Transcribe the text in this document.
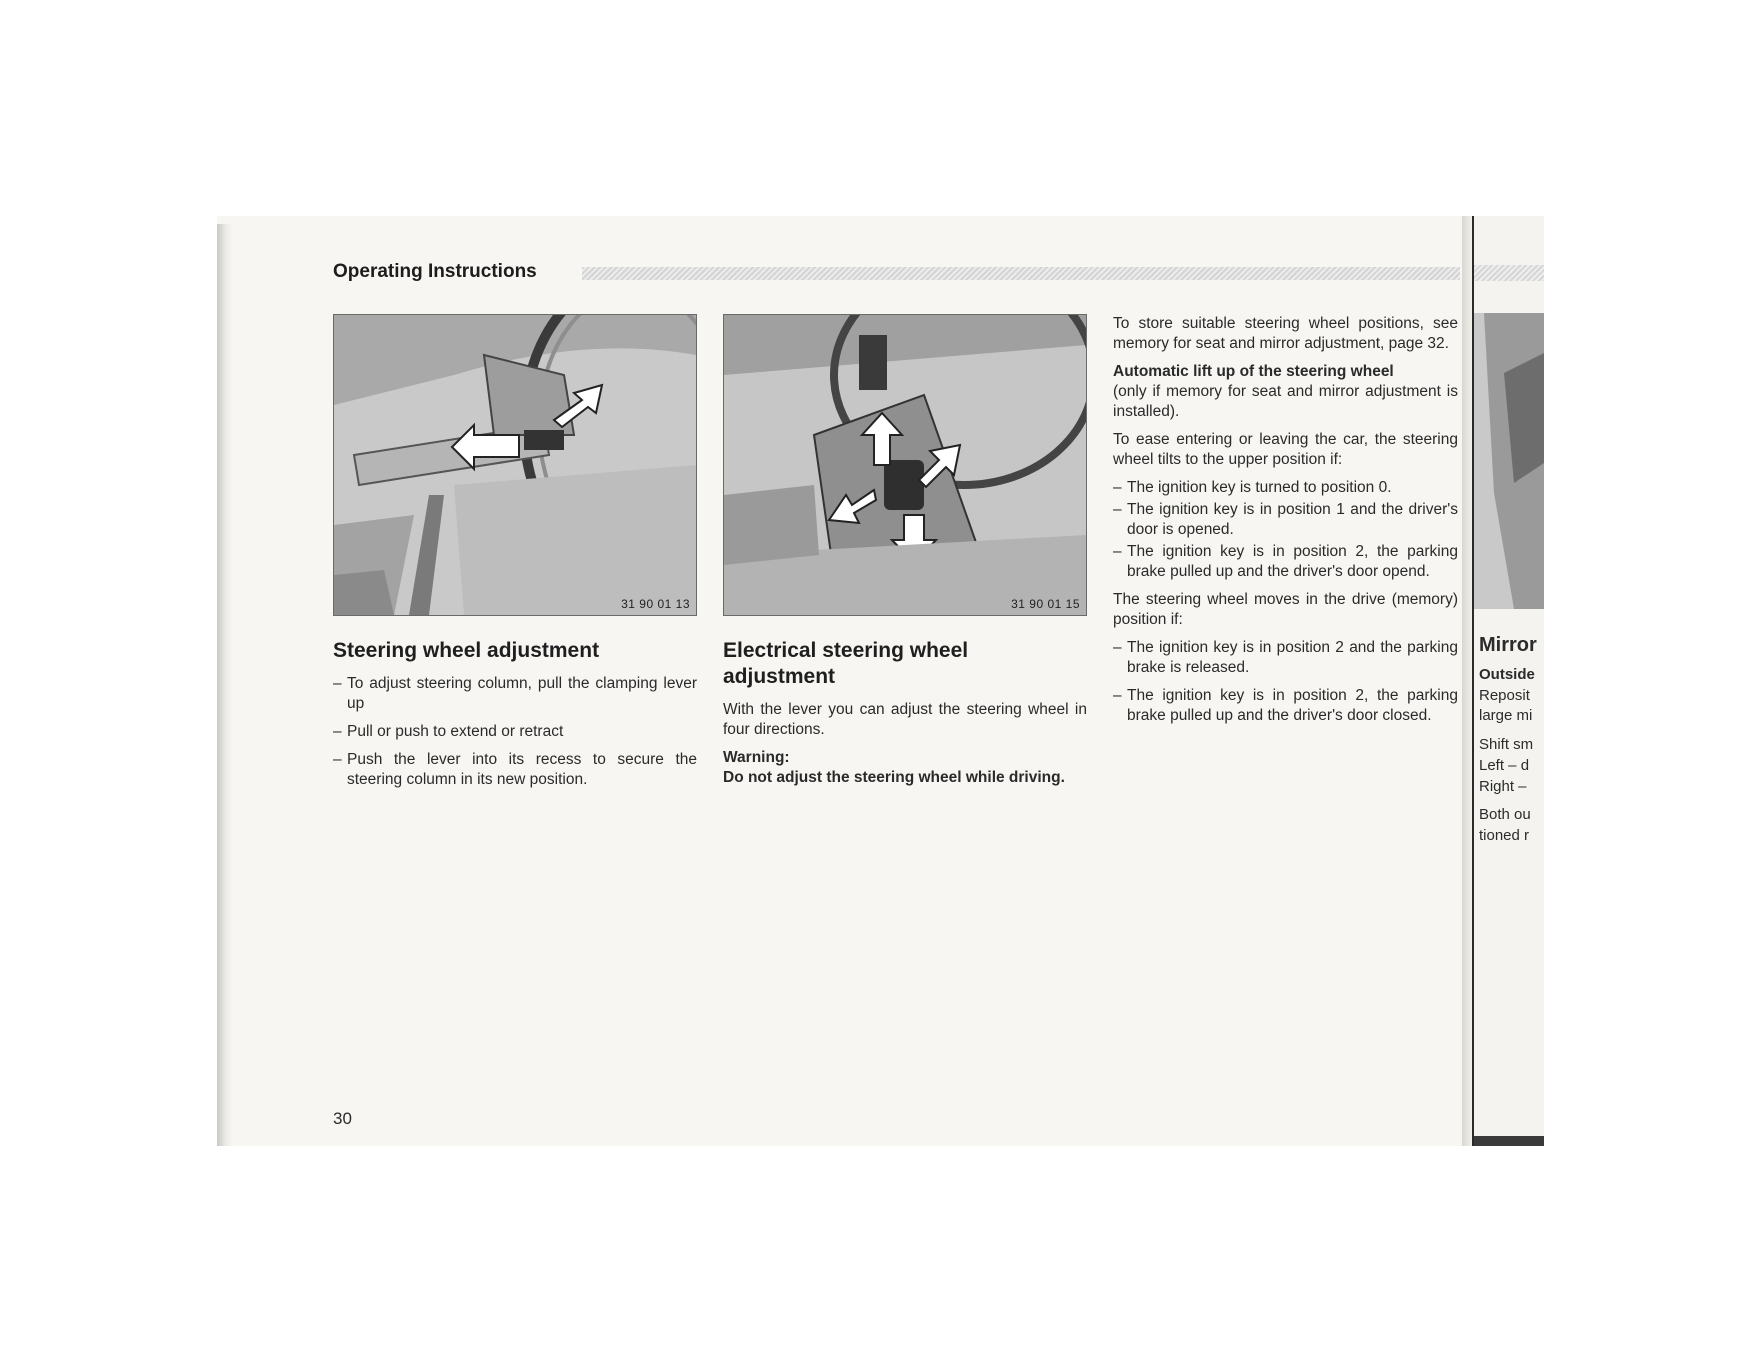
Operating Instructions
31 90 01 13	31 90 01 15
Steering wheel adjustment
– To adjust steering column, pull the clamping lever up
– Pull or push to extend or retract
– Push the lever into its recess to secure the steering column in its new position.
Electrical steering wheel adjustment

With the lever you can adjust the steering wheel in four directions.

Warning:
Do not adjust the steering wheel while driving.

To store suitable steering wheel positions, see memory for seat and mirror adjustment, page 32.

Automatic lift up of the steering wheel

(only if memory for seat and mirror adjustment is installed).

To ease entering or leaving the car, the steering wheel tilts to the upper position if:

– The ignition key is turned to position 0.
– The ignition key is in position 1 and the driver's door is opened.
– The ignition key is in position 2, the parking brake pulled up and the driver's door opend.

The steering wheel moves in the drive (memory) position if:

– The ignition key is in position 2 and the parking brake is released.
– The ignition key is in position 2, the parking brake pulled up and the driver's door closed.
30
Mirror
Outside
Reposit
large mi
Shift sm
Left – d
Right –
Both ou
tioned r
